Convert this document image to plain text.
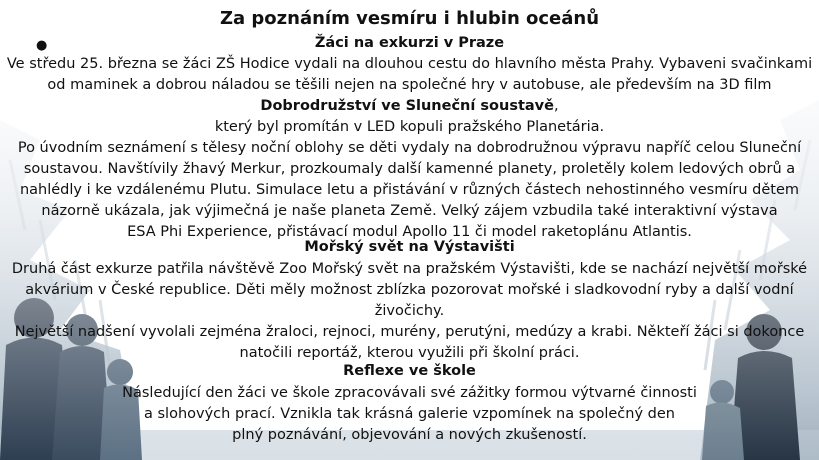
Za poznáním vesmíru i hlubin oceánů
●	Žáci na exkurzi v Praze
Ve středu 25. března se žáci ZŠ Hodice vydali na dlouhou cestu do hlavního města Prahy. Vybaveni svačinkami
od maminek a dobrou náladou se těšili nejen na společné hry v autobuse, ale především na 3D film
Dobrodružství ve Sluneční soustavě,
který byl promítán v LED kopuli pražského Planetária.
Po úvodním seznámení s tělesy noční oblohy se děti vydaly na dobrodružnou výpravu napříč celou Sluneční
soustavou. Navštívily žhavý Merkur, prozkoumaly další kamenné planety, proletěly kolem ledových obrů a
nahlédly i ke vzdálenému Plutu. Simulace letu a přistávání v různých částech nehostinného vesmíru dětem
názorně ukázala, jak výjimečná je naše planeta Země. Velký zájem vzbudila také interaktivní výstava
ESA Phi Experience, přistávací modul Apollo 11 či model raketoplánu Atlantis.
Mořský svět na Výstavišti
Druhá část exkurze patřila návštěvě Zoo Mořský svět na pražském Výstavišti, kde se nachází největší mořské
akvárium v České republice. Děti měly možnost zblízka pozorovat mořské i sladkovodní ryby a další vodní
živočichy.
Největší nadšení vyvolali zejména žraloci, rejnoci, murény, perutýni, medúzy a krabi. Někteří žáci si dokonce
natočili reportáž, kterou využili při školní práci.
Reflexe ve škole
Následující den žáci ve škole zpracovávali své zážitky formou výtvarné činnosti
a slohových prací. Vznikla tak krásná galerie vzpomínek na společný den
plný poznávání, objevování a nových zkušeností.
